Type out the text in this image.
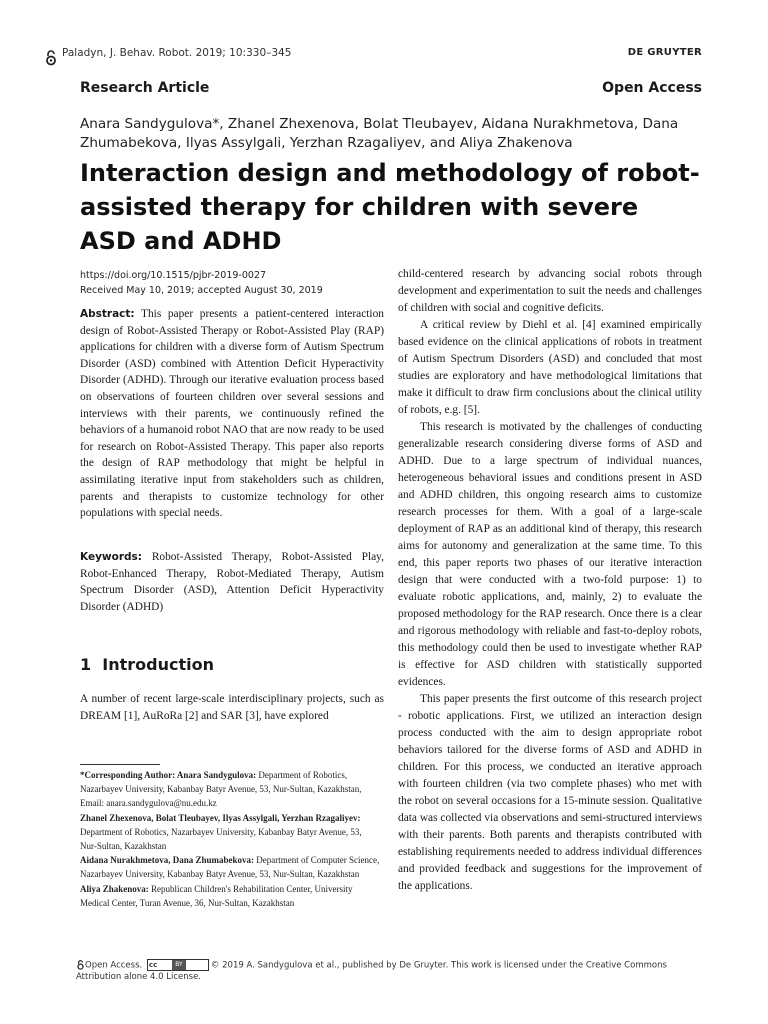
Paladyn, J. Behav. Robot. 2019; 10:330–345	DE GRUYTER
Research Article	Open Access
Anara Sandygulova*, Zhanel Zhexenova, Bolat Tleubayev, Aidana Nurakhmetova, Dana Zhumabekova, Ilyas Assylgali, Yerzhan Rzagaliyev, and Aliya Zhakenova
Interaction design and methodology of robot-assisted therapy for children with severe ASD and ADHD
https://doi.org/10.1515/pjbr-2019-0027
Received May 10, 2019; accepted August 30, 2019
Abstract: This paper presents a patient-centered interaction design of Robot-Assisted Therapy or Robot-Assisted Play (RAP) applications for children with a diverse form of Autism Spectrum Disorder (ASD) combined with Attention Deficit Hyperactivity Disorder (ADHD). Through our iterative evaluation process based on observations of fourteen children over several sessions and interviews with their parents, we continuously refined the behaviors of a humanoid robot NAO that are now ready to be used for research on Robot-Assisted Therapy. This paper also reports the design of RAP methodology that might be helpful in assimilating iterative input from stakeholders such as children, parents and therapists to customize technology for other populations with special needs.
Keywords: Robot-Assisted Therapy, Robot-Assisted Play, Robot-Enhanced Therapy, Robot-Mediated Therapy, Autism Spectrum Disorder (ASD), Attention Deficit Hyperactivity Disorder (ADHD)
1 Introduction
A number of recent large-scale interdisciplinary projects, such as DREAM [1], AuRoRa [2] and SAR [3], have explored
*Corresponding Author: Anara Sandygulova: Department of Robotics, Nazarbayev University, Kabanbay Batyr Avenue, 53, Nur-Sultan, Kazakhstan, Email: anara.sandygulova@nu.edu.kz
Zhanel Zhexenova, Bolat Tleubayev, Ilyas Assylgali, Yerzhan Rzagaliyev: Department of Robotics, Nazarbayev University, Kabanbay Batyr Avenue, 53, Nur-Sultan, Kazakhstan
Aidana Nurakhmetova, Dana Zhumabekova: Department of Computer Science, Nazarbayev University, Kabanbay Batyr Avenue, 53, Nur-Sultan, Kazakhstan
Aliya Zhakenova: Republican Children's Rehabilitation Center, University Medical Center, Turan Avenue, 36, Nur-Sultan, Kazakhstan

child-centered research by advancing social robots through development and experimentation to suit the needs and challenges of children with social and cognitive deficits.

A critical review by Diehl et al. [4] examined empirically based evidence on the clinical applications of robots in treatment of Autism Spectrum Disorders (ASD) and concluded that most studies are exploratory and have methodological limitations that make it difficult to draw firm conclusions about the clinical utility of robots, e.g. [5].

This research is motivated by the challenges of conducting generalizable research considering diverse forms of ASD and ADHD. Due to a large spectrum of individual nuances, heterogeneous behavioral issues and conditions present in ASD and ADHD children, this ongoing research aims to customize research processes for them. With a goal of a large-scale deployment of RAP as an additional kind of therapy, this research aims for autonomy and generalization at the same time. To this end, this paper reports two phases of our iterative interaction design that were conducted with a two-fold purpose: 1) to evaluate robotic applications, and, mainly, 2) to evaluate the proposed methodology for the RAP research. Once there is a clear and rigorous methodology with reliable and fast-to-deploy robots, this methodology could then be used to investigate whether RAP is effective for ASD children with statistically supported evidences.

This paper presents the first outcome of this research project - robotic applications. First, we utilized an interaction design process conducted with the aim to design appropriate robot behaviors tailored for the diverse forms of ASD and ADHD in children. For this process, we conducted an iterative approach with fourteen children (via two complete phases) who met with the robot on several occasions for a 15-minute session. Qualitative data was collected via observations and semi-structured interviews with their parents. Both parents and therapists contributed with establishing requirements needed to address individual differences and provided feedback and suggestions for the improvement of the applications.

Open Access. cc	BY	© 2019 A. Sandygulova et al., published by De Gruyter. This work is licensed under the Creative Commons Attribution alone 4.0 License.
